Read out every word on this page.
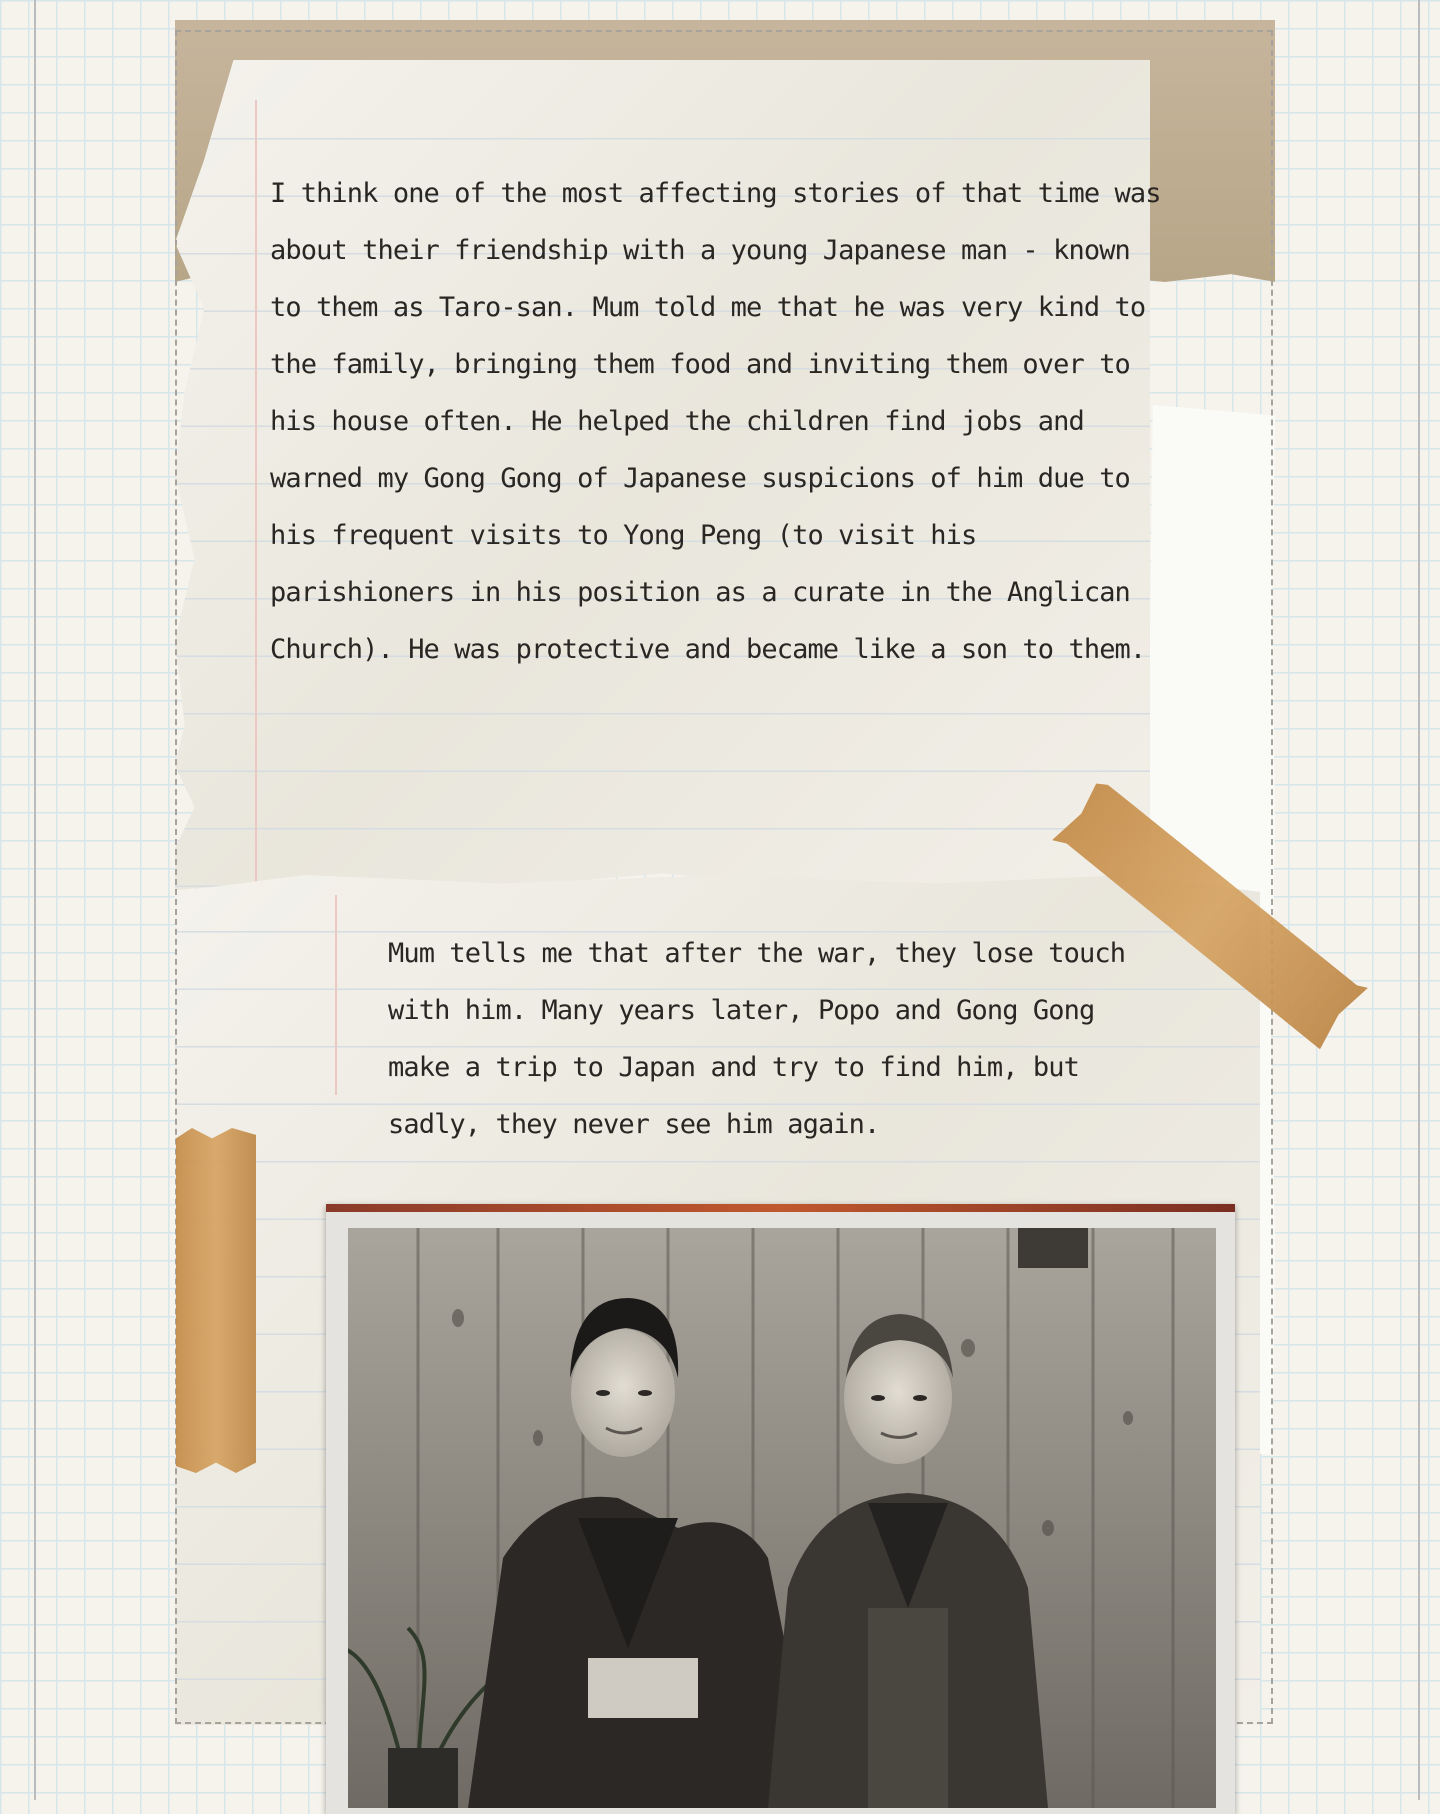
I think one of the most affecting stories of that time was about their friendship with a young Japanese man - known to them as Taro-san. Mum told me that he was very kind to the family, bringing them food and inviting them over to his house often. He helped the children find jobs and warned my Gong Gong of Japanese suspicions of him due to his frequent visits to Yong Peng (to visit his parishioners in his position as a curate in the Anglican Church). He was protective and became like a son to them.

Mum tells me that after the war, they lose touch with him. Many years later, Popo and Gong Gong make a trip to Japan and try to find him, but sadly, they never see him again.
